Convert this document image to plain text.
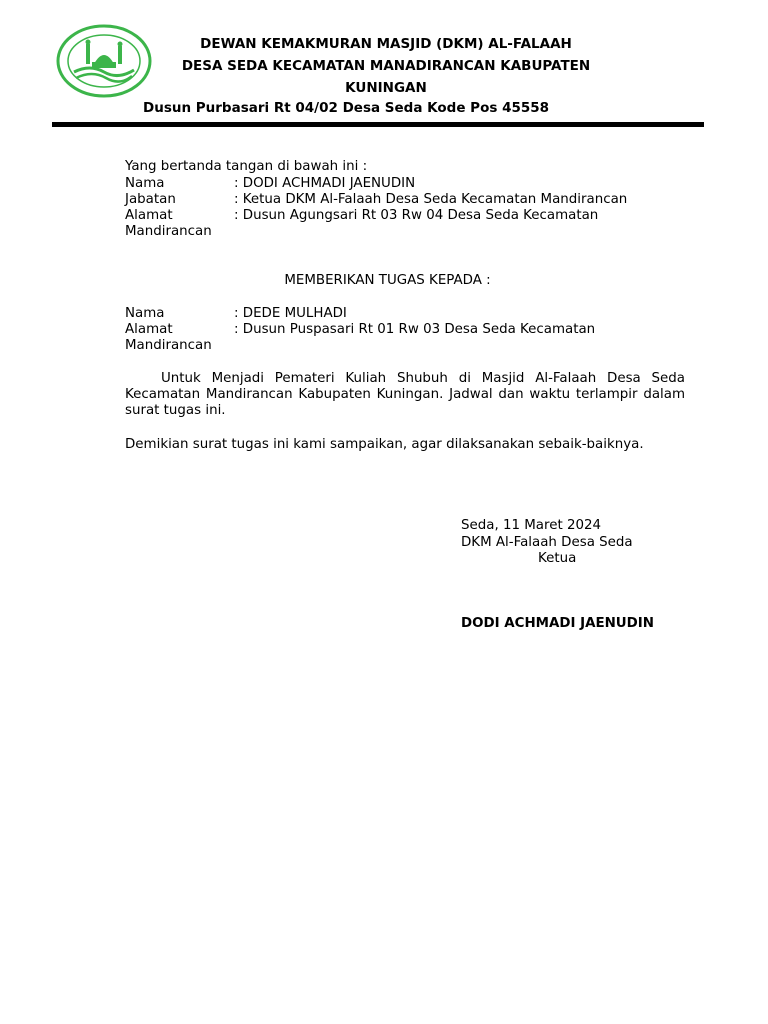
DEWAN KEMAKMURAN MASJID (DKM) AL-FALAAH
DESA SEDA KECAMATAN MANADIRANCAN KABUPATEN
KUNINGAN
Dusun Purbasari Rt 04/02 Desa Seda Kode Pos 45558
Yang bertanda tangan di bawah ini :
Nama	: DODI ACHMADI JAENUDIN
Jabatan	: Ketua DKM Al-Falaah Desa Seda Kecamatan Mandirancan
Alamat	: Dusun Agungsari Rt 03 Rw 04 Desa Seda Kecamatan
Mandirancan
MEMBERIKAN TUGAS KEPADA :
Nama	: DEDE MULHADI
Alamat	: Dusun Puspasari Rt 01 Rw 03 Desa Seda Kecamatan
Mandirancan
Untuk Menjadi Pemateri Kuliah Shubuh di Masjid Al-Falaah Desa Seda Kecamatan Mandirancan Kabupaten Kuningan. Jadwal dan waktu terlampir dalam surat tugas ini.
Demikian surat tugas ini kami sampaikan, agar dilaksanakan sebaik-baiknya.
Seda, 11 Maret 2024
DKM Al-Falaah Desa Seda
Ketua
DODI ACHMADI JAENUDIN
